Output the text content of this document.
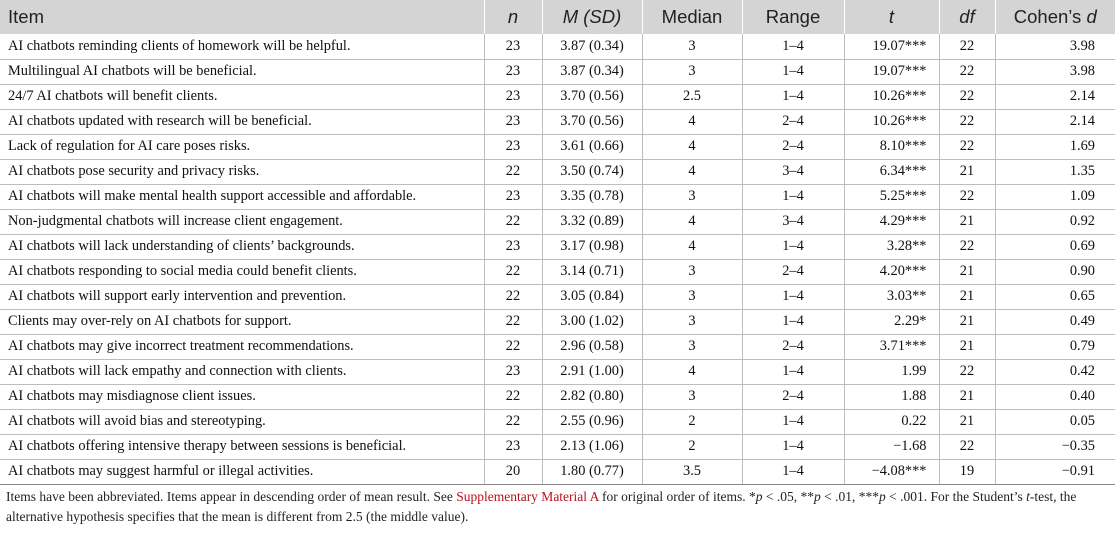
Item	n	M (SD)	Median	Range	t	df	Cohen’s d
AI chatbots reminding clients of homework will be helpful.	23	3.87 (0.34)	3	1–4	19.07***	22	3.98
Multilingual AI chatbots will be beneficial.	23	3.87 (0.34)	3	1–4	19.07***	22	3.98
24/7 AI chatbots will benefit clients.	23	3.70 (0.56)	2.5	1–4	10.26***	22	2.14
AI chatbots updated with research will be beneficial.	23	3.70 (0.56)	4	2–4	10.26***	22	2.14
Lack of regulation for AI care poses risks.	23	3.61 (0.66)	4	2–4	8.10***	22	1.69
AI chatbots pose security and privacy risks.	22	3.50 (0.74)	4	3–4	6.34***	21	1.35
AI chatbots will make mental health support accessible and affordable.	23	3.35 (0.78)	3	1–4	5.25***	22	1.09
Non-judgmental chatbots will increase client engagement.	22	3.32 (0.89)	4	3–4	4.29***	21	0.92
AI chatbots will lack understanding of clients’ backgrounds.	23	3.17 (0.98)	4	1–4	3.28**	22	0.69
AI chatbots responding to social media could benefit clients.	22	3.14 (0.71)	3	2–4	4.20***	21	0.90
AI chatbots will support early intervention and prevention.	22	3.05 (0.84)	3	1–4	3.03**	21	0.65
Clients may over-rely on AI chatbots for support.	22	3.00 (1.02)	3	1–4	2.29*	21	0.49
AI chatbots may give incorrect treatment recommendations.	22	2.96 (0.58)	3	2–4	3.71***	21	0.79
AI chatbots will lack empathy and connection with clients.	23	2.91 (1.00)	4	1–4	1.99	22	0.42
AI chatbots may misdiagnose client issues.	22	2.82 (0.80)	3	2–4	1.88	21	0.40
AI chatbots will avoid bias and stereotyping.	22	2.55 (0.96)	2	1–4	0.22	21	0.05
AI chatbots offering intensive therapy between sessions is beneficial.	23	2.13 (1.06)	2	1–4	−1.68	22	−0.35
AI chatbots may suggest harmful or illegal activities.	20	1.80 (0.77)	3.5	1–4	−4.08***	19	−0.91
Items have been abbreviated. Items appear in descending order of mean result. See Supplementary Material A for original order of items. *p < .05, **p < .01, ***p < .001. For the Student’s t-test, the alternative hypothesis specifies that the mean is different from 2.5 (the middle value).
